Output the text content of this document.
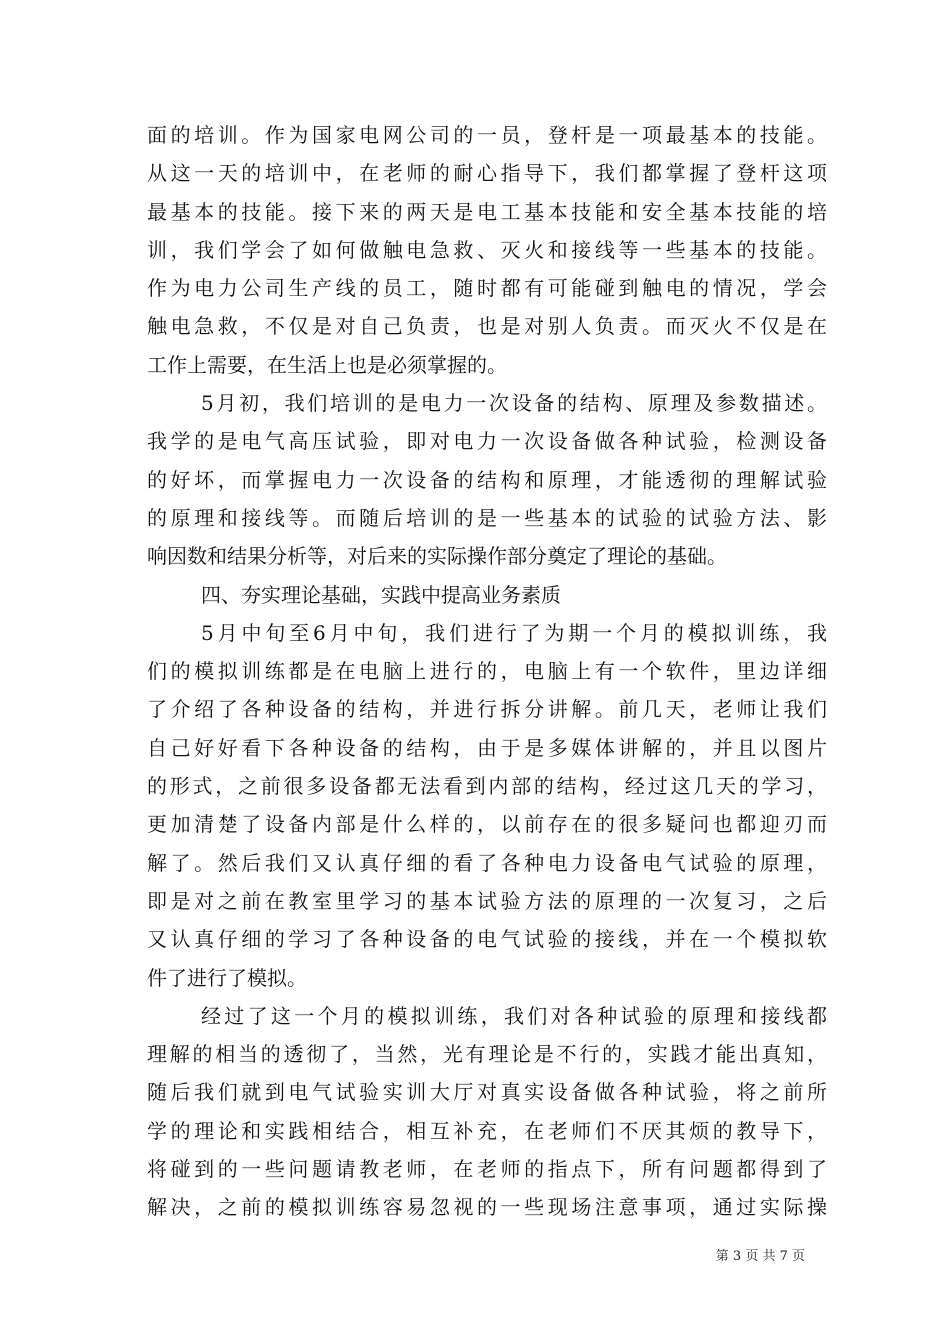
面的培训。作为国家电网公司的一员，登杆是一项最基本的技能。
从这一天的培训中，在老师的耐心指导下，我们都掌握了登杆这项
最基本的技能。接下来的两天是电工基本技能和安全基本技能的培
训，我们学会了如何做触电急救、灭火和接线等一些基本的技能。
作为电力公司生产线的员工，随时都有可能碰到触电的情况，学会
触电急救，不仅是对自己负责，也是对别人负责。而灭火不仅是在
工作上需要，在生活上也是必须掌握的。
5月初，我们培训的是电力一次设备的结构、原理及参数描述。
我学的是电气高压试验，即对电力一次设备做各种试验，检测设备
的好坏，而掌握电力一次设备的结构和原理，才能透彻的理解试验
的原理和接线等。而随后培训的是一些基本的试验的试验方法、影
响因数和结果分析等，对后来的实际操作部分奠定了理论的基础。
四、夯实理论基础，实践中提高业务素质
5月中旬至6月中旬，我们进行了为期一个月的模拟训练，我
们的模拟训练都是在电脑上进行的，电脑上有一个软件，里边详细
了介绍了各种设备的结构，并进行拆分讲解。前几天，老师让我们
自己好好看下各种设备的结构，由于是多媒体讲解的，并且以图片
的形式，之前很多设备都无法看到内部的结构，经过这几天的学习，
更加清楚了设备内部是什么样的，以前存在的很多疑问也都迎刃而
解了。然后我们又认真仔细的看了各种电力设备电气试验的原理，
即是对之前在教室里学习的基本试验方法的原理的一次复习，之后
又认真仔细的学习了各种设备的电气试验的接线，并在一个模拟软
件了进行了模拟。
经过了这一个月的模拟训练，我们对各种试验的原理和接线都
理解的相当的透彻了，当然，光有理论是不行的，实践才能出真知，
随后我们就到电气试验实训大厅对真实设备做各种试验，将之前所
学的理论和实践相结合，相互补充，在老师们不厌其烦的教导下，
将碰到的一些问题请教老师，在老师的指点下，所有问题都得到了
解决，之前的模拟训练容易忽视的一些现场注意事项，通过实际操
第 3 页 共 7 页
